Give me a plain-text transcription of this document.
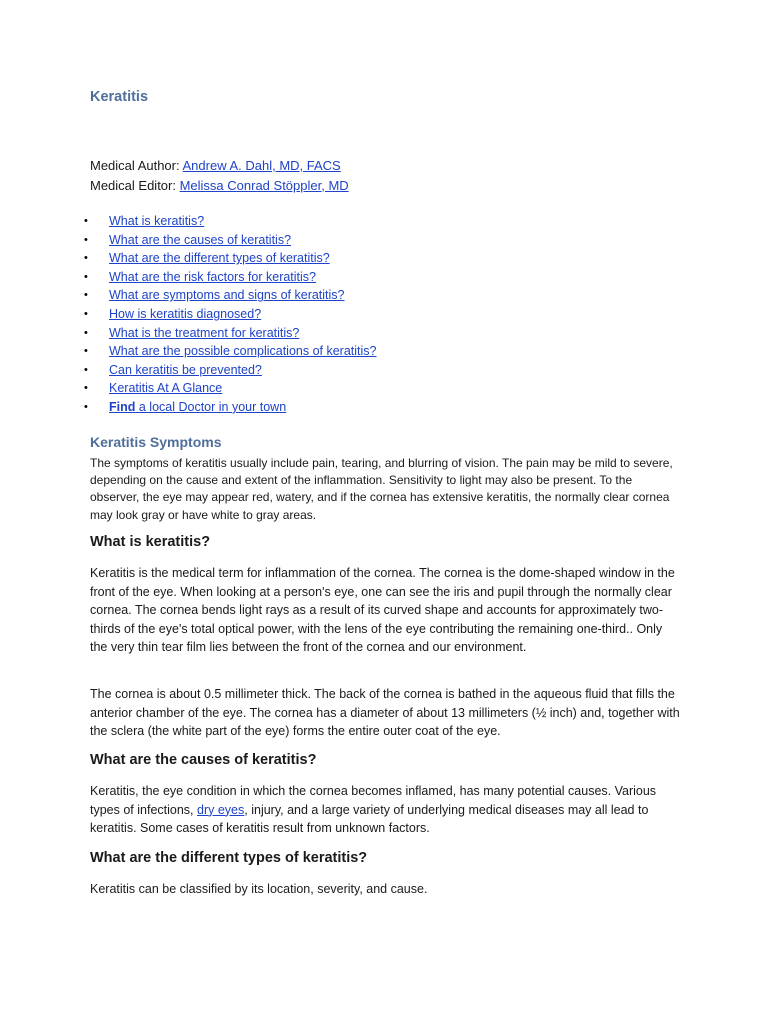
Keratitis
Medical Author: Andrew A. Dahl, MD, FACS
Medical Editor: Melissa Conrad Stöppler, MD
• What is keratitis?
• What are the causes of keratitis?
• What are the different types of keratitis?
• What are the risk factors for keratitis?
• What are symptoms and signs of keratitis?
• How is keratitis diagnosed?
• What is the treatment for keratitis?
• What are the possible complications of keratitis?
• Can keratitis be prevented?
• Keratitis At A Glance
• Find a local Doctor in your town
Keratitis Symptoms

The symptoms of keratitis usually include pain, tearing, and blurring of vision. The pain may be mild to severe, depending on the cause and extent of the inflammation. Sensitivity to light may also be present. To the observer, the eye may appear red, watery, and if the cornea has extensive keratitis, the normally clear cornea may look gray or have white to gray areas.

What is keratitis?

Keratitis is the medical term for inflammation of the cornea. The cornea is the dome-shaped window in the front of the eye. When looking at a person's eye, one can see the iris and pupil through the normally clear cornea. The cornea bends light rays as a result of its curved shape and accounts for approximately two-thirds of the eye's total optical power, with the lens of the eye contributing the remaining one-third.. Only the very thin tear film lies between the front of the cornea and our environment.

The cornea is about 0.5 millimeter thick. The back of the cornea is bathed in the aqueous fluid that fills the anterior chamber of the eye. The cornea has a diameter of about 13 millimeters (½ inch) and, together with the sclera (the white part of the eye) forms the entire outer coat of the eye.

What are the causes of keratitis?

Keratitis, the eye condition in which the cornea becomes inflamed, has many potential causes. Various types of infections, dry eyes, injury, and a large variety of underlying medical diseases may all lead to keratitis. Some cases of keratitis result from unknown factors.

What are the different types of keratitis?

Keratitis can be classified by its location, severity, and cause.
